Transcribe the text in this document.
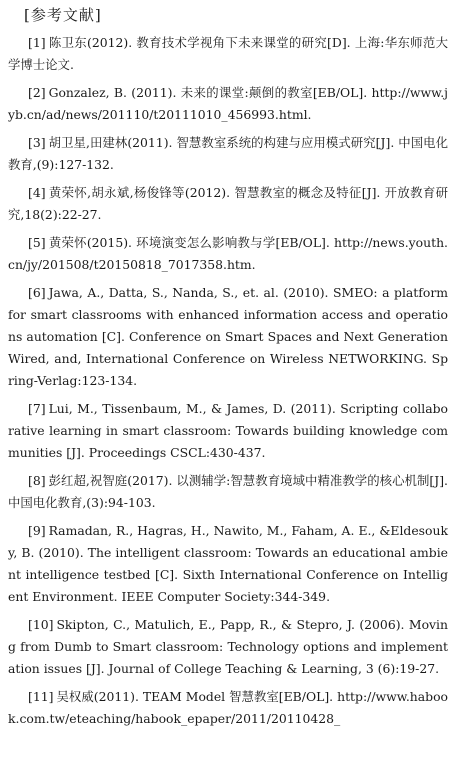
[参考文献]
[1] 陈卫东(2012). 教育技术学视角下未来课堂的研究[D]. 上海:华东师范大学博士论文.
[2] Gonzalez, B. (2011). 未来的课堂:颠倒的教室[EB/OL]. http://www.jyb.cn/ad/news/201110/t20111010_456993.html.
[3] 胡卫星,田建林(2011). 智慧教室系统的构建与应用模式研究[J]. 中国电化教育,(9):127-132.
[4] 黄荣怀,胡永斌,杨俊锋等(2012). 智慧教室的概念及特征[J]. 开放教育研究,18(2):22-27.
[5] 黄荣怀(2015). 环境演变怎么影响教与学[EB/OL]. http://news.youth.cn/jy/201508/t20150818_7017358.htm.
[6] Jawa, A., Datta, S., Nanda, S., et. al. (2010). SMEO: a platform for smart classrooms with enhanced information access and operations automation [C]. Conference on Smart Spaces and Next Generation Wired, and, International Conference on Wireless NETWORKING. Spring-Verlag:123-134.
[7] Lui, M., Tissenbaum, M., & James, D. (2011). Scripting collaborative learning in smart classroom: Towards building knowledge communities [J]. Proceedings CSCL:430-437.
[8] 彭红超,祝智庭(2017). 以测辅学:智慧教育境域中精准教学的核心机制[J]. 中国电化教育,(3):94-103.
[9] Ramadan, R., Hagras, H., Nawito, M., Faham, A. E., &Eldesouky, B. (2010). The intelligent classroom: Towards an educational ambient intelligence testbed [C]. Sixth International Conference on Intelligent Environment. IEEE Computer Society:344-349.
[10] Skipton, C., Matulich, E., Papp, R., & Stepro, J. (2006). Moving from Dumb to Smart classroom: Technology options and implementation issues [J]. Journal of College Teaching & Learning, 3 (6):19-27.
[11] 吴权威(2011). TEAM Model 智慧教室[EB/OL]. http://www.habook.com.tw/eteaching/habook_epaper/2011/20110428_
